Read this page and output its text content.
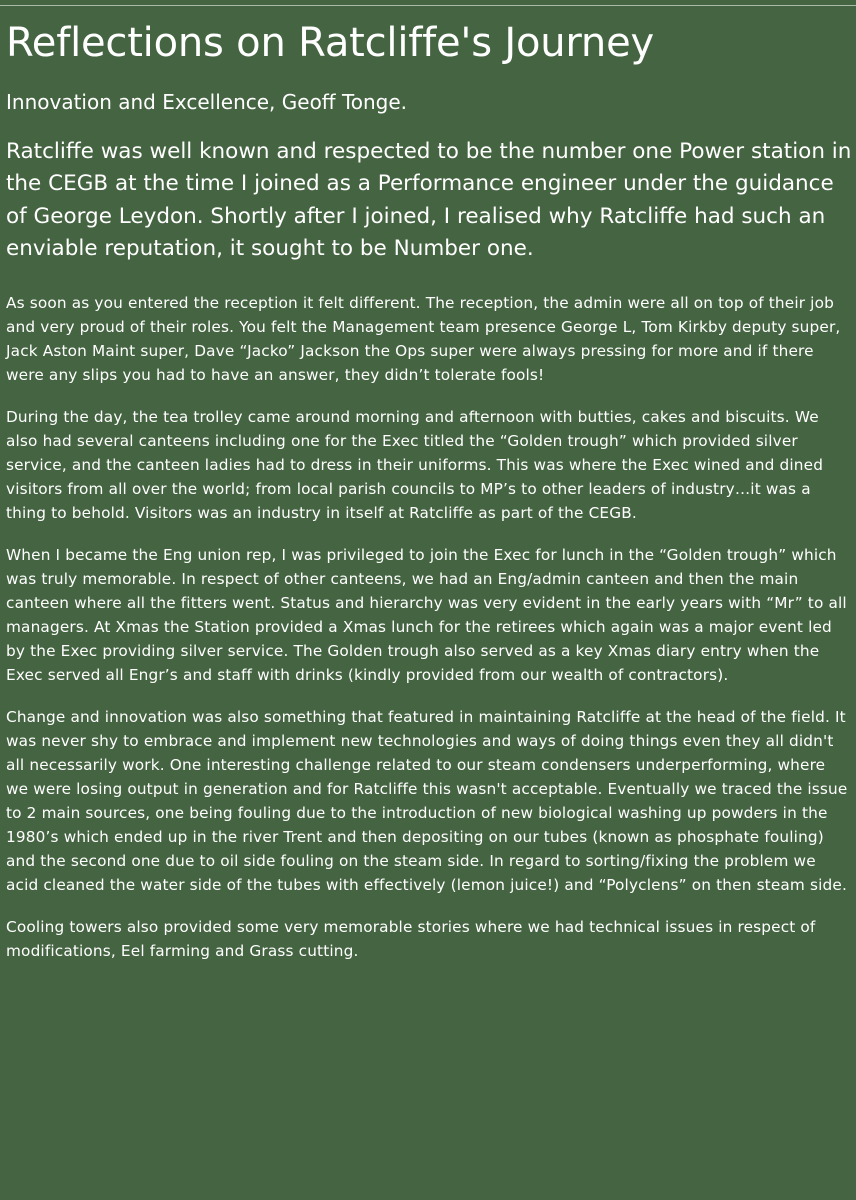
Reflections on Ratcliffe's Journey
Innovation and Excellence, Geoff Tonge.
Ratcliffe was well known and respected to be the number one Power station in the CEGB at the time I joined as a Performance engineer under the guidance of George Leydon. Shortly after I joined, I realised why Ratcliffe had such an enviable reputation, it sought to be Number one.

As soon as you entered the reception it felt different. The reception, the admin were all on top of their job and very proud of their roles. You felt the Management team presence George L, Tom Kirkby deputy super, Jack Aston Maint super, Dave “Jacko” Jackson the Ops super were always pressing for more and if there were any slips you had to have an answer, they didn’t tolerate fools!

During the day, the tea trolley came around morning and afternoon with butties, cakes and biscuits. We also had several canteens including one for the Exec titled the “Golden trough” which provided silver service, and the canteen ladies had to dress in their uniforms. This was where the Exec wined and dined visitors from all over the world; from local parish councils to MP’s to other leaders of industry…it was a thing to behold. Visitors was an industry in itself at Ratcliffe as part of the CEGB.

When I became the Eng union rep, I was privileged to join the Exec for lunch in the “Golden trough” which was truly memorable. In respect of other canteens, we had an Eng/admin canteen and then the main canteen where all the fitters went. Status and hierarchy was very evident in the early years with “Mr” to all managers. At Xmas the Station provided a Xmas lunch for the retirees which again was a major event led by the Exec providing silver service. The Golden trough also served as a key Xmas diary entry when the Exec served all Engr’s and staff with drinks (kindly provided from our wealth of contractors).

Change and innovation was also something that featured in maintaining Ratcliffe at the head of the field. It was never shy to embrace and implement new technologies and ways of doing things even they all didn't all necessarily work. One interesting challenge related to our steam condensers underperforming, where we were losing output in generation and for Ratcliffe this wasn't acceptable. Eventually we traced the issue to 2 main sources, one being fouling due to the introduction of new biological washing up powders in the 1980’s which ended up in the river Trent and then depositing on our tubes (known as phosphate fouling) and the second one due to oil side fouling on the steam side. In regard to sorting/fixing the problem we acid cleaned the water side of the tubes with effectively (lemon juice!) and “Polyclens” on then steam side.

Cooling towers also provided some very memorable stories where we had technical issues in respect of modifications, Eel farming and Grass cutting.
